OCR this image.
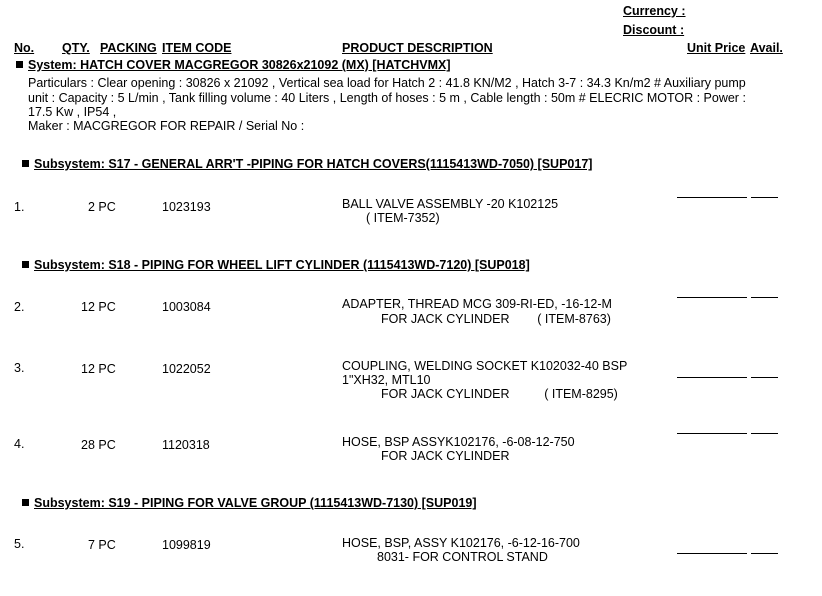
Currency :
Discount :
No. QTY. PACKING ITEM CODE	PRODUCT DESCRIPTION	Unit Price Avail.
System: HATCH COVER MACGREGOR 30826x21092 (MX) [HATCHVMX]
Particulars : Clear opening : 30826 x 21092 , Vertical sea load for Hatch 2 : 41.8 KN/M2 , Hatch 3-7 : 34.3 Kn/m2 # Auxiliary pump
unit : Capacity : 5 L/min , Tank filling volume : 40 Liters , Length of hoses : 5 m , Cable length : 50m # ELECRIC MOTOR : Power :
17.5 Kw , IP54 ,
Maker : MACGREGOR FOR REPAIR / Serial No :
Subsystem: S17 - GENERAL ARR'T -PIPING FOR HATCH COVERS(1115413WD-7050) [SUP017]
1.	2 PC	1023193	BALL VALVE ASSEMBLY -20 K102125
( ITEM-7352)
Subsystem: S18 - PIPING FOR WHEEL LIFT CYLINDER (1115413WD-7120) [SUP018]
2.	12 PC	1003084	ADAPTER, THREAD MCG 309-RI-ED, -16-12-M
FOR JACK CYLINDER        ( ITEM-8763)
3.	12 PC	1022052	COUPLING, WELDING SOCKET K102032-40 BSP
1"XH32, MTL10
FOR JACK CYLINDER          ( ITEM-8295)
4.	28 PC	1120318	HOSE, BSP ASSYK102176, -6-08-12-750
FOR JACK CYLINDER
Subsystem: S19 - PIPING FOR VALVE GROUP (1115413WD-7130) [SUP019]
5.	7 PC	1099819	HOSE, BSP, ASSY K102176, -6-12-16-700
8031- FOR CONTROL STAND
